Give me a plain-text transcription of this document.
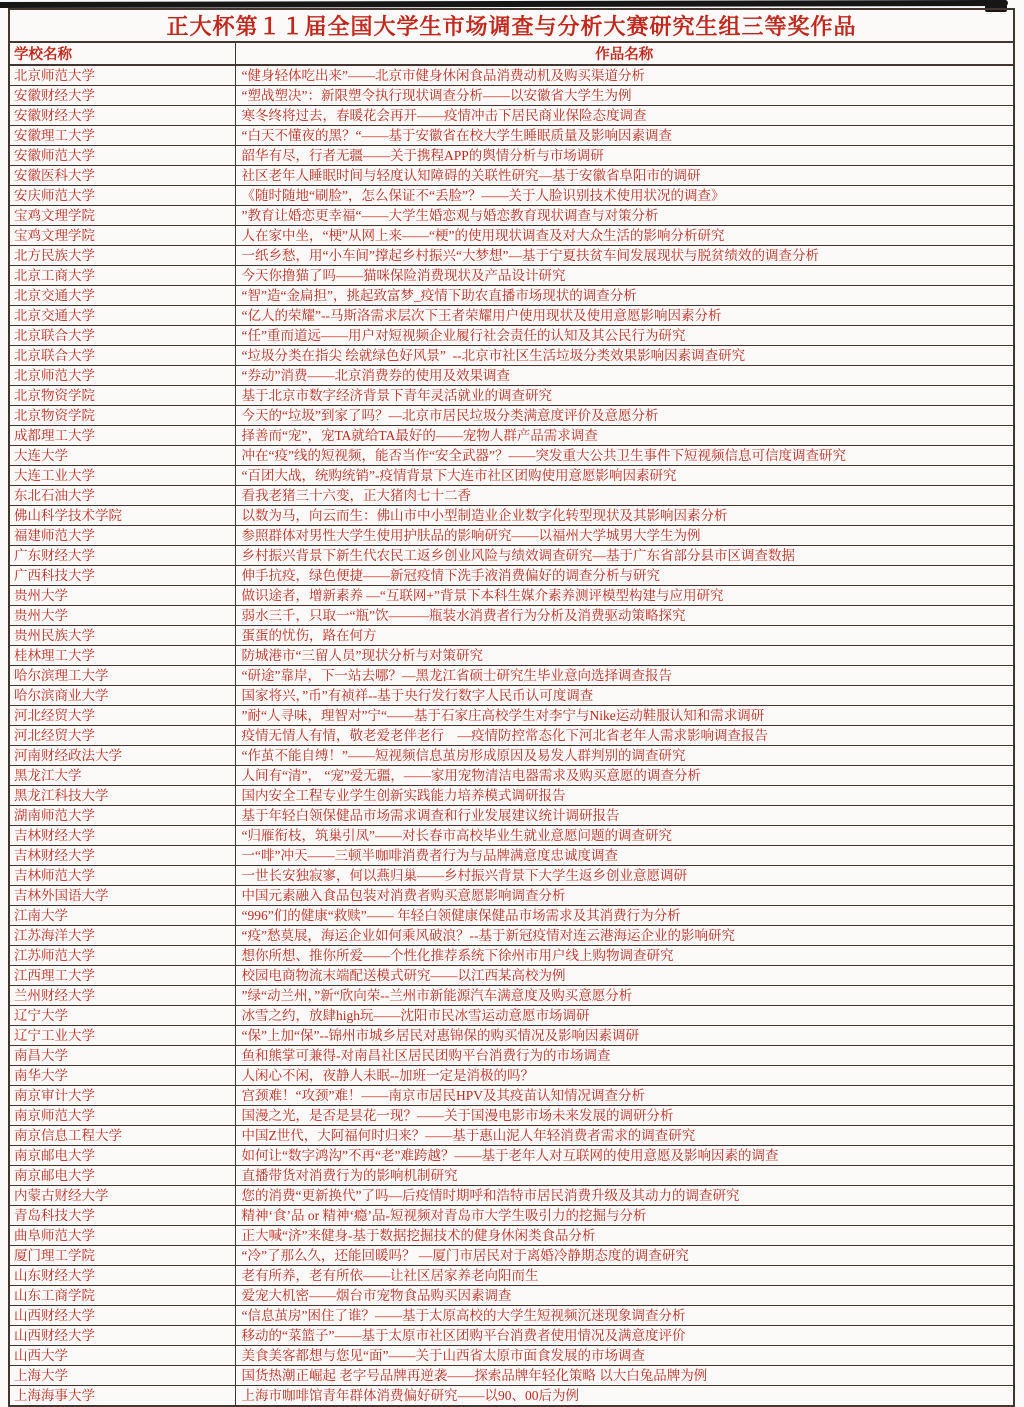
正大杯第１１届全国大学生市场调查与分析大赛研究生组三等奖作品	
学校名称	作品名称
北京师范大学	“健身轻体吃出来”——北京市健身休闲食品消费动机及购买渠道分析
安徽财经大学	“塑战塑决”：新限塑令执行现状调查分析——以安徽省大学生为例
安徽财经大学	寒冬终将过去，春暖花会再开——疫情冲击下居民商业保险态度调查
安徽理工大学	“白天不懂夜的黑？“——基于安徽省在校大学生睡眠质量及影响因素调查
安徽师范大学	韶华有尽，行者无疆——关于携程APP的舆情分析与市场调研
安徽医科大学	社区老年人睡眠时间与轻度认知障碍的关联性研究—基于安徽省阜阳市的调研
安庆师范大学	《随时随地“刷脸”，怎么保证不“丢脸”？——关于人脸识别技术使用状况的调查》
宝鸡文理学院	”教育让婚恋更幸福“——大学生婚恋观与婚恋教育现状调查与对策分析
宝鸡文理学院	人在家中坐，“梗”从网上来——“梗”的使用现状调查及对大众生活的影响分析研究
北方民族大学	一纸乡愁，用“小车间”撑起乡村振兴“大梦想”—基于宁夏扶贫车间发展现状与脱贫绩效的调查分析
北京工商大学	今天你撸猫了吗——猫咪保险消费现状及产品设计研究
北京交通大学	“智”造“金扁担”，挑起致富梦_疫情下助农直播市场现状的调查分析
北京交通大学	“亿人的荣耀”--马斯洛需求层次下王者荣耀用户使用现状及使用意愿影响因素分析
北京联合大学	“任”重而道远——用户对短视频企业履行社会责任的认知及其公民行为研究
北京联合大学	“垃圾分类在指尖 绘就绿色好风景”  --北京市社区生活垃圾分类效果影响因素调查研究
北京师范大学	“券动”消费——北京消费券的使用及效果调查
北京物资学院	基于北京市数字经济背景下青年灵活就业的调查研究
北京物资学院	今天的“垃圾”到家了吗？—北京市居民垃圾分类满意度评价及意愿分析
成都理工大学	择善而“宠”，宠TA就给TA最好的——宠物人群产品需求调查
大连大学	冲在“疫”线的短视频，能否当作“安全武器”？——突发重大公共卫生事件下短视频信息可信度调查研究
大连工业大学	“百团大战，统购统销”-疫情背景下大连市社区团购使用意愿影响因素研究
东北石油大学	看我老猪三十六变，正大猪肉七十二香
佛山科学技术学院	以数为马，向云而生：佛山市中小型制造业企业数字化转型现状及其影响因素分析
福建师范大学	参照群体对男性大学生使用护肤品的影响研究——以福州大学城男大学生为例
广东财经大学	乡村振兴背景下新生代农民工返乡创业风险与绩效调查研究—基于广东省部分县市区调查数据
广西科技大学	伸手抗疫，绿色便捷——新冠疫情下洗手液消费偏好的调查分析与研究
贵州大学	做识途者，增新素养 —“互联网+”背景下本科生媒介素养测评模型构建与应用研究
贵州大学	弱水三千，只取一“瓶”饮———瓶装水消费者行为分析及消费驱动策略探究
贵州民族大学	蛋蛋的忧伤，路在何方
桂林理工大学	防城港市“三留人员”现状分析与对策研究
哈尔滨理工大学	“研途”靠岸，下一站去哪？—黑龙江省硕士研究生毕业意向选择调查报告
哈尔滨商业大学	国家将兴，”币”有祯祥--基于央行发行数字人民币认可度调查
河北经贸大学	”耐“人寻味，理智对”宁“——基于石家庄高校学生对李宁与Nike运动鞋服认知和需求调研
河北经贸大学	疫情无情人有情，敬老爱老伴老行    —疫情防控常态化下河北省老年人需求影响调查报告
河南财经政法大学	“作茧不能自缚！”——短视频信息茧房形成原因及易发人群判别的调查研究
黑龙江大学	人间有“清”， “宠”爱无疆，——家用宠物清洁电器需求及购买意愿的调查分析
黑龙江科技大学	国内安全工程专业学生创新实践能力培养模式调研报告
湖南师范大学	基于年轻白领保健品市场需求调查和行业发展建议统计调研报告
吉林财经大学	“归雁衔枝，筑巢引凤”——对长春市高校毕业生就业意愿问题的调查研究
吉林财经大学	一“啡”冲天——三顿半咖啡消费者行为与品牌满意度忠诚度调查
吉林师范大学	一世长安独寂寥，何以燕归巢——乡村振兴背景下大学生返乡创业意愿调研
吉林外国语大学	中国元素融入食品包装对消费者购买意愿影响调查分析
江南大学	“996”们的健康“救赎”—— 年轻白领健康保健品市场需求及其消费行为分析
江苏海洋大学	“疫”愁莫展，海运企业如何乘风破浪？--基于新冠疫情对连云港海运企业的影响研究
江苏师范大学	想你所想、推你所爱——个性化推荐系统下徐州市用户线上购物调查研究
江西理工大学	校园电商物流末端配送模式研究——以江西某高校为例
兰州财经大学	”绿“动兰州，”新“欣向荣--兰州市新能源汽车满意度及购买意愿分析
辽宁大学	冰雪之约，放肆high玩——沈阳市民冰雪运动意愿市场调研
辽宁工业大学	“保”上加“保”--锦州市城乡居民对惠锦保的购买情况及影响因素调研
南昌大学	鱼和熊掌可兼得-对南昌社区居民团购平台消费行为的市场调查
南华大学	人闲心不闲，夜静人未眠--加班一定是消极的吗？
南京审计大学	宫颈难！“攻颈”难！——南京市居民HPV及其疫苗认知情况调查分析
南京师范大学	国漫之光，是否是昙花一现？——关于国漫电影市场未来发展的调研分析
南京信息工程大学	中国Z世代，大阿福何时归来？——基于惠山泥人年轻消费者需求的调查研究
南京邮电大学	如何让“数字鸿沟”不再“老”难跨越？——基于老年人对互联网的使用意愿及影响因素的调查
南京邮电大学	直播带货对消费行为的影响机制研究
内蒙古财经大学	您的消费“更新换代”了吗—后疫情时期呼和浩特市居民消费升级及其动力的调查研究
青岛科技大学	精神‘食’品 or 精神‘瘾’品-短视频对青岛市大学生吸引力的挖掘与分析
曲阜师范大学	正大喊“济”来健身-基于数据挖掘技术的健身休闲类食品分析
厦门理工学院	“冷”了那么久，还能回暖吗？ —厦门市居民对于离婚冷静期态度的调查研究
山东财经大学	老有所养，老有所依——让社区居家养老向阳而生
山东工商学院	爱宠大机密——烟台市宠物食品购买因素调查
山西财经大学	“信息茧房”困住了谁？——基于太原高校的大学生短视频沉迷现象调查分析
山西财经大学	移动的“菜篮子”——基于太原市社区团购平台消费者使用情况及满意度评价
山西大学	美食美客都想与您见“面”——关于山西省太原市面食发展的市场调查
上海大学	国货热潮正崛起 老字号品牌再逆袭——探索品牌年轻化策略 以大白兔品牌为例
上海海事大学	上海市咖啡馆青年群体消费偏好研究——以90、00后为例
